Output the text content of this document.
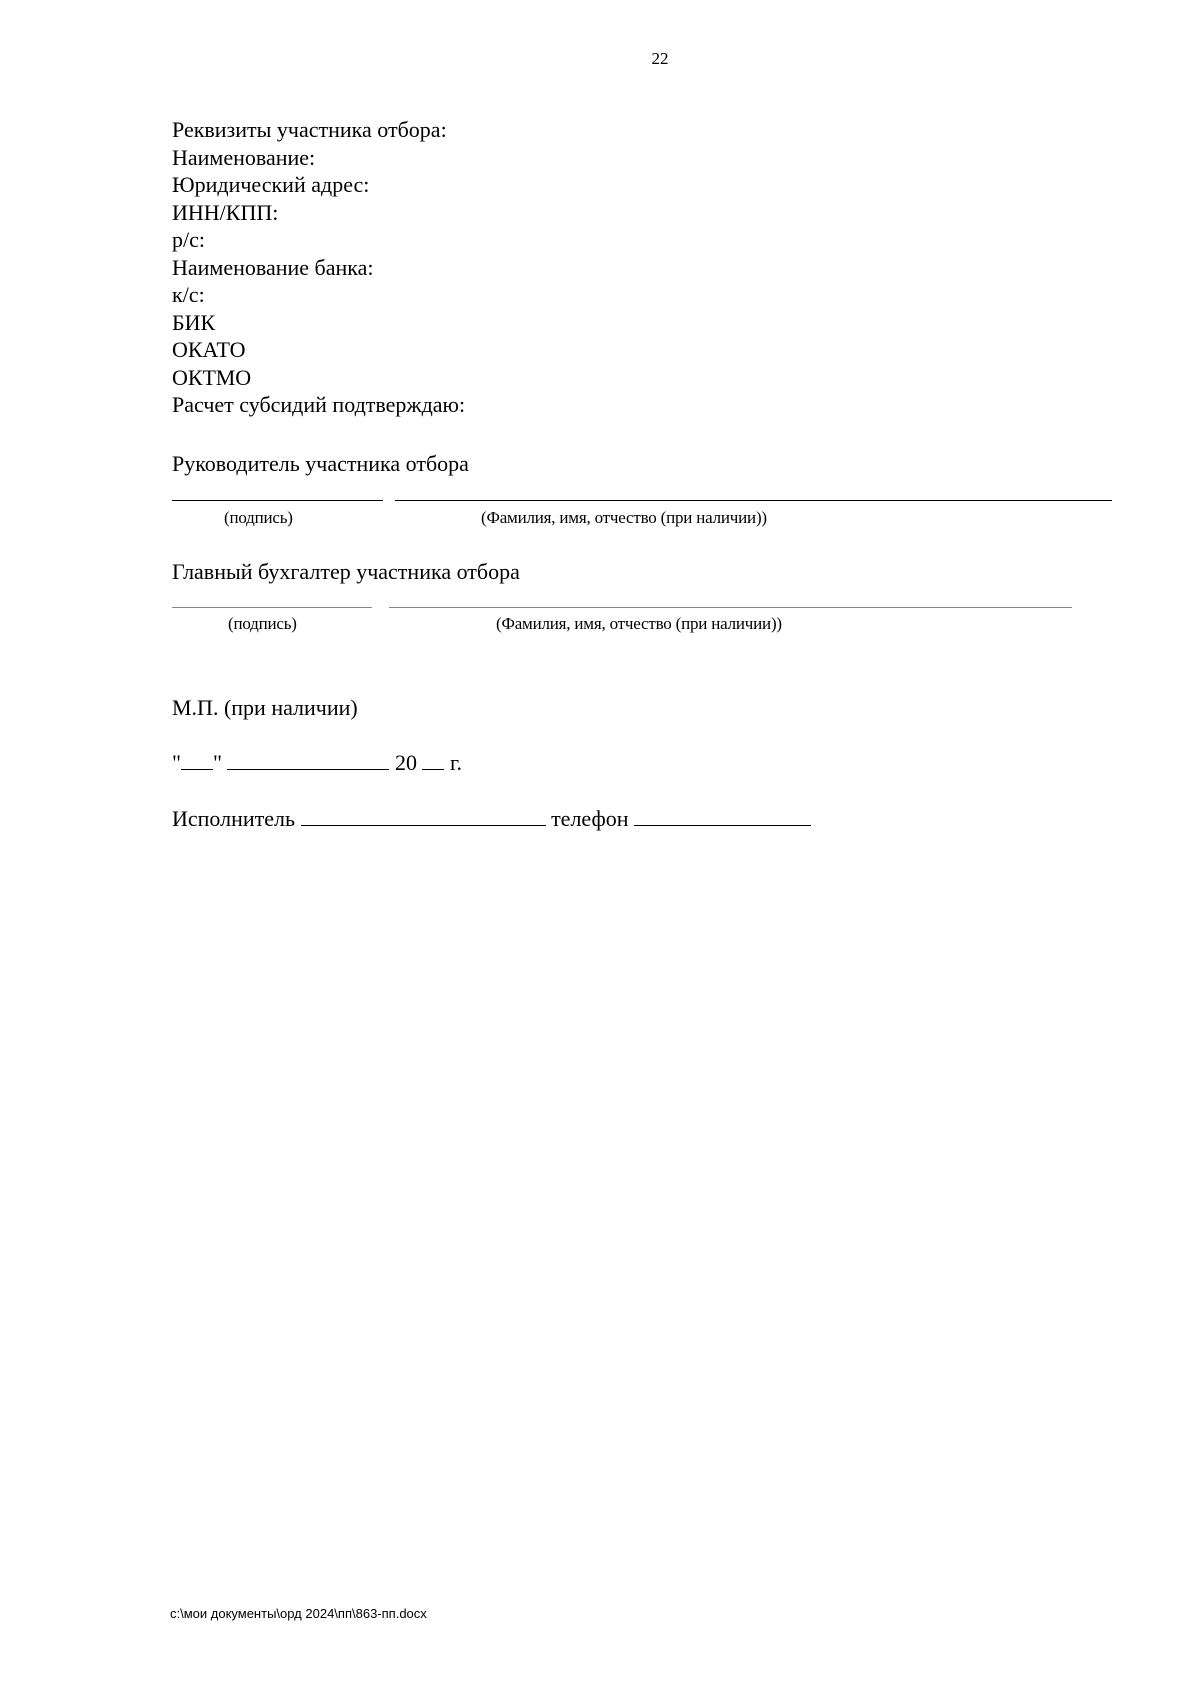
22
Реквизиты участника отбора:
Наименование:
Юридический адрес:
ИНН/КПП:
р/с:
Наименование банка:
к/с:
БИК
ОКАТО
ОКТМО
Расчет субсидий подтверждаю:
Руководитель участника отбора
(подпись)	(Фамилия, имя, отчество (при наличии))
Главный бухгалтер участника отбора
(подпись)	(Фамилия, имя, отчество (при наличии))
М.П. (при наличии)
" "	20 г.
Исполнитель	телефон
c:\мои документы\орд 2024\пп\863-пп.docx
